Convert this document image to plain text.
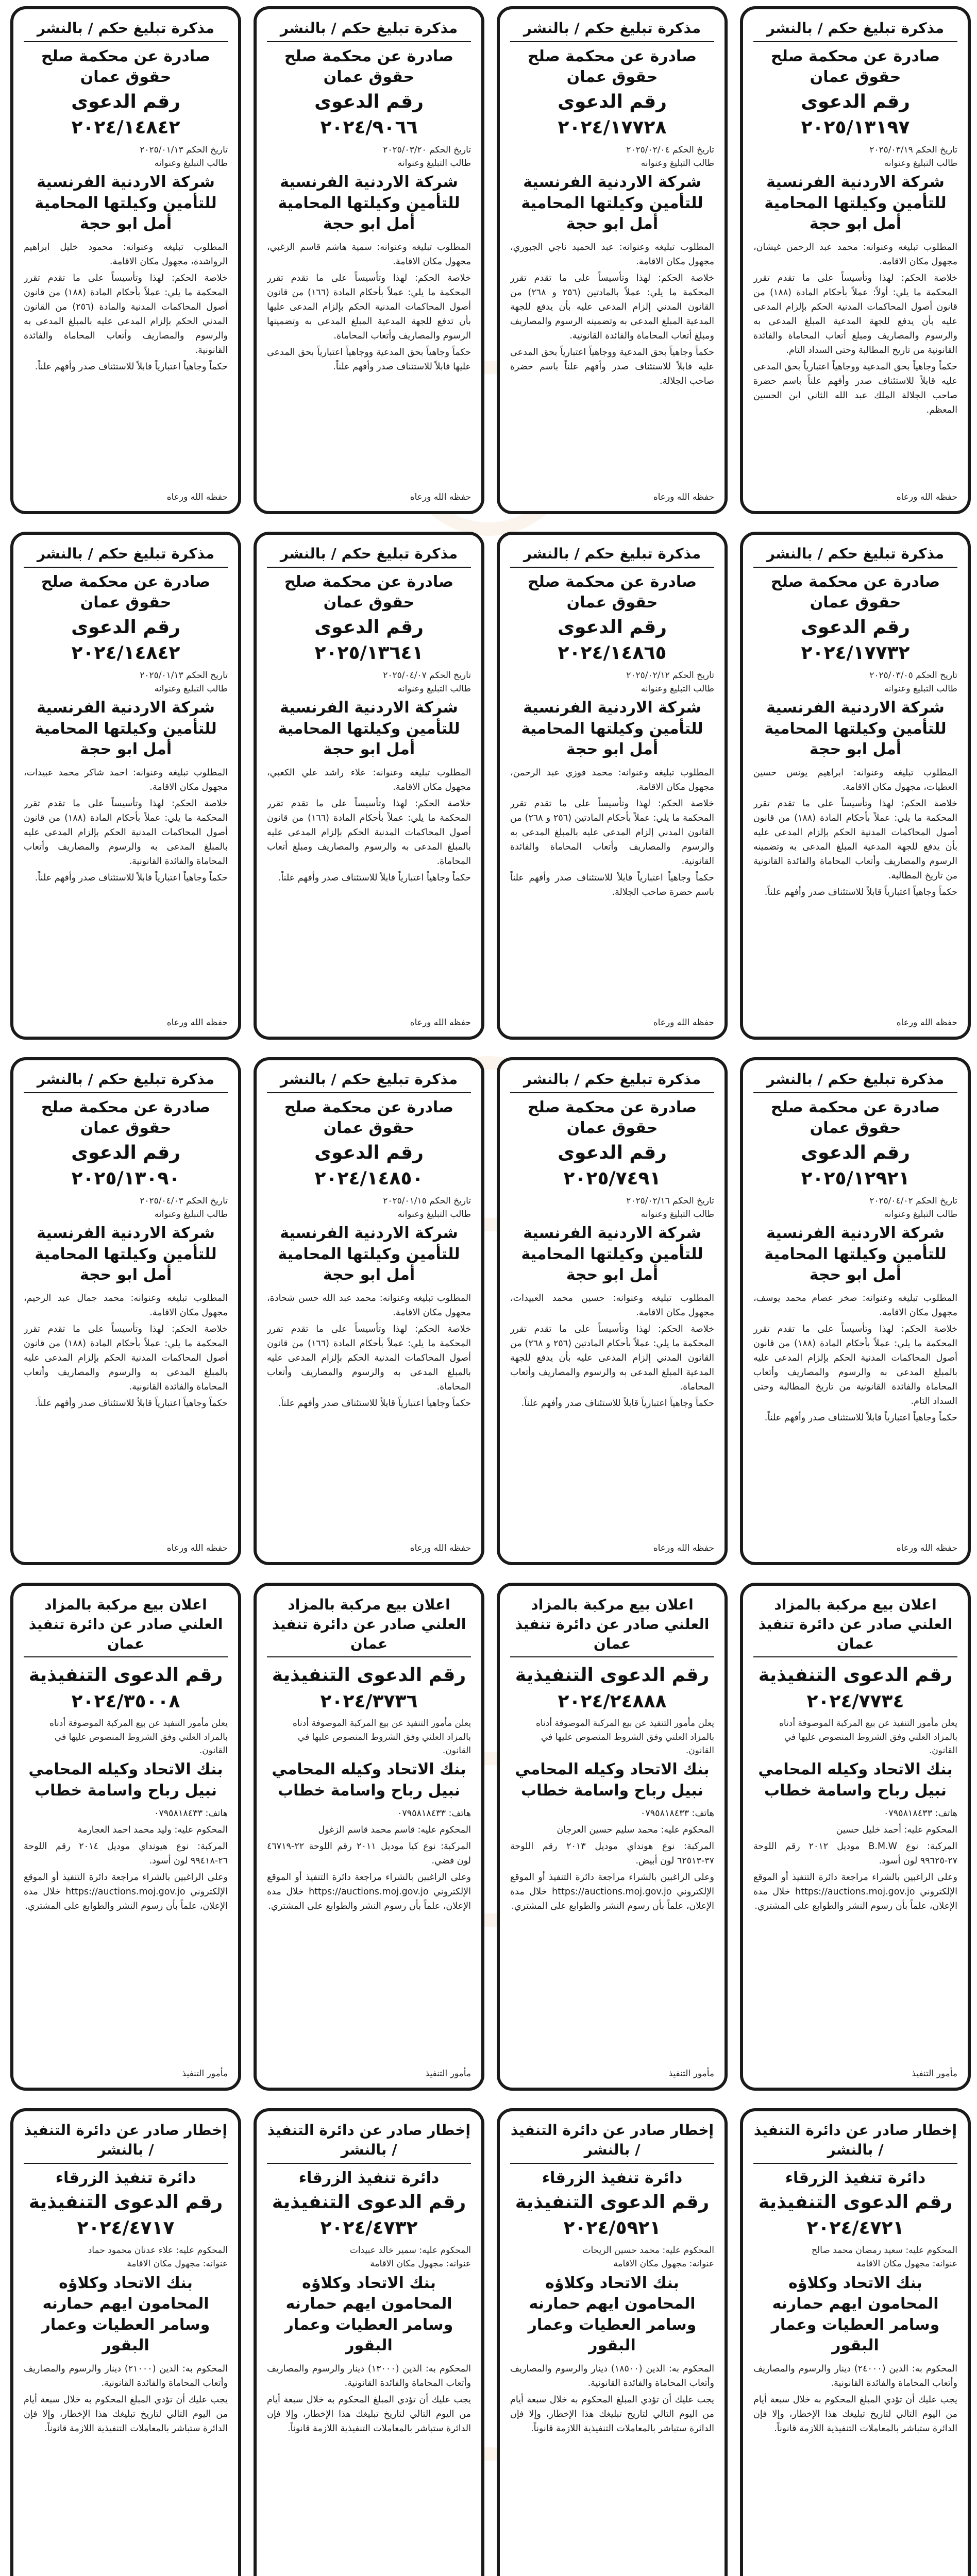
مذكرة تبليغ حكم / بالنشر
صادرة عن محكمة صلح حقوق عمان
رقم الدعوى ٢٠٢٥/١٣١٩٧
تاريخ الحكم ٢٠٢٥/٠٣/١٩
طالب التبليغ وعنوانه
شركة الاردنية الفرنسية للتأمين وكيلتها المحامية أمل ابو حجة

المطلوب تبليغه وعنوانه: محمد عبد الرحمن غيشان، مجهول مكان الاقامة.

خلاصة الحكم: لهذا وتأسيساً على ما تقدم تقرر المحكمة ما يلي: أولاً: عملاً بأحكام المادة (١٨٨) من قانون أصول المحاكمات المدنية الحكم بإلزام المدعى عليه بأن يدفع للجهة المدعية المبلغ المدعى به والرسوم والمصاريف ومبلغ أتعاب المحاماة والفائدة القانونية من تاريخ المطالبة وحتى السداد التام.

حكماً وجاهياً بحق المدعية ووجاهياً اعتبارياً بحق المدعى عليه قابلاً للاستئناف صدر وأفهم علناً باسم حضرة صاحب الجلالة الملك عبد الله الثاني ابن الحسين المعظم.

حفظه الله ورعاه
مذكرة تبليغ حكم / بالنشر
صادرة عن محكمة صلح حقوق عمان
رقم الدعوى ٢٠٢٤/١٧٧٢٨
تاريخ الحكم ٢٠٢٥/٠٢/٠٤
طالب التبليغ وعنوانه
شركة الاردنية الفرنسية للتأمين وكيلتها المحامية أمل ابو حجة

المطلوب تبليغه وعنوانه: عبد الحميد ناجي الجبوري، مجهول مكان الاقامة.

خلاصة الحكم: لهذا وتأسيساً على ما تقدم تقرر المحكمة ما يلي: عملاً بالمادتين (٢٥٦ و ٢٦٨) من القانون المدني إلزام المدعى عليه بأن يدفع للجهة المدعية المبلغ المدعى به وتضمينه الرسوم والمصاريف ومبلغ أتعاب المحاماة والفائدة القانونية.

حكماً وجاهياً بحق المدعية ووجاهياً اعتبارياً بحق المدعى عليه قابلاً للاستئناف صدر وأفهم علناً باسم حضرة صاحب الجلالة.

حفظه الله ورعاه
مذكرة تبليغ حكم / بالنشر
صادرة عن محكمة صلح حقوق عمان
رقم الدعوى ٢٠٢٤/٩٠٦٦
تاريخ الحكم ٢٠٢٥/٠٣/٢٠
طالب التبليغ وعنوانه
شركة الاردنية الفرنسية للتأمين وكيلتها المحامية أمل ابو حجة

المطلوب تبليغه وعنوانه: سمية هاشم قاسم الزغبي، مجهول مكان الاقامة.

خلاصة الحكم: لهذا وتأسيساً على ما تقدم تقرر المحكمة ما يلي: عملاً بأحكام المادة (١٦٦) من قانون أصول المحاكمات المدنية الحكم بإلزام المدعى عليها بأن تدفع للجهة المدعية المبلغ المدعى به وتضمينها الرسوم والمصاريف وأتعاب المحاماة.

حكماً وجاهياً بحق المدعية ووجاهياً اعتبارياً بحق المدعى عليها قابلاً للاستئناف صدر وأفهم علناً.

حفظه الله ورعاه
مذكرة تبليغ حكم / بالنشر
صادرة عن محكمة صلح حقوق عمان
رقم الدعوى ٢٠٢٤/١٤٨٤٢
تاريخ الحكم ٢٠٢٥/٠١/١٣
طالب التبليغ وعنوانه
شركة الاردنية الفرنسية للتأمين وكيلتها المحامية أمل ابو حجة

المطلوب تبليغه وعنوانه: محمود خليل ابراهيم الرواشدة، مجهول مكان الاقامة.

خلاصة الحكم: لهذا وتأسيساً على ما تقدم تقرر المحكمة ما يلي: عملاً بأحكام المادة (١٨٨) من قانون أصول المحاكمات المدنية والمادة (٢٥٦) من القانون المدني الحكم بإلزام المدعى عليه بالمبلغ المدعى به والرسوم والمصاريف وأتعاب المحاماة والفائدة القانونية.

حكماً وجاهياً اعتبارياً قابلاً للاستئناف صدر وأفهم علناً.

حفظه الله ورعاه
مذكرة تبليغ حكم / بالنشر
صادرة عن محكمة صلح حقوق عمان
رقم الدعوى ٢٠٢٤/١٧٧٣٢
تاريخ الحكم ٢٠٢٥/٠٣/٠٥
طالب التبليغ وعنوانه
شركة الاردنية الفرنسية للتأمين وكيلتها المحامية أمل ابو حجة

المطلوب تبليغه وعنوانه: ابراهيم يونس حسين العطيات، مجهول مكان الاقامة.

خلاصة الحكم: لهذا وتأسيساً على ما تقدم تقرر المحكمة ما يلي: عملاً بأحكام المادة (١٨٨) من قانون أصول المحاكمات المدنية الحكم بإلزام المدعى عليه بأن يدفع للجهة المدعية المبلغ المدعى به وتضمينه الرسوم والمصاريف وأتعاب المحاماة والفائدة القانونية من تاريخ المطالبة.

حكماً وجاهياً اعتبارياً قابلاً للاستئناف صدر وأفهم علناً.

حفظه الله ورعاه
مذكرة تبليغ حكم / بالنشر
صادرة عن محكمة صلح حقوق عمان
رقم الدعوى ٢٠٢٤/١٤٨٦٥
تاريخ الحكم ٢٠٢٥/٠٢/١٢
طالب التبليغ وعنوانه
شركة الاردنية الفرنسية للتأمين وكيلتها المحامية أمل ابو حجة

المطلوب تبليغه وعنوانه: محمد فوزي عبد الرحمن، مجهول مكان الاقامة.

خلاصة الحكم: لهذا وتأسيساً على ما تقدم تقرر المحكمة ما يلي: عملاً بأحكام المادتين (٢٥٦ و ٢٦٨) من القانون المدني إلزام المدعى عليه بالمبلغ المدعى به والرسوم والمصاريف وأتعاب المحاماة والفائدة القانونية.

حكماً وجاهياً اعتبارياً قابلاً للاستئناف صدر وأفهم علناً باسم حضرة صاحب الجلالة.

حفظه الله ورعاه
مذكرة تبليغ حكم / بالنشر
صادرة عن محكمة صلح حقوق عمان
رقم الدعوى ٢٠٢٥/١٣٦٤١
تاريخ الحكم ٢٠٢٥/٠٤/٠٧
طالب التبليغ وعنوانه
شركة الاردنية الفرنسية للتأمين وكيلتها المحامية أمل ابو حجة

المطلوب تبليغه وعنوانه: علاء راشد علي الكعبي، مجهول مكان الاقامة.

خلاصة الحكم: لهذا وتأسيساً على ما تقدم تقرر المحكمة ما يلي: عملاً بأحكام المادة (١٦٦) من قانون أصول المحاكمات المدنية الحكم بإلزام المدعى عليه بالمبلغ المدعى به والرسوم والمصاريف ومبلغ أتعاب المحاماة.

حكماً وجاهياً اعتبارياً قابلاً للاستئناف صدر وأفهم علناً.

حفظه الله ورعاه
مذكرة تبليغ حكم / بالنشر
صادرة عن محكمة صلح حقوق عمان
رقم الدعوى ٢٠٢٤/١٤٨٤٢
تاريخ الحكم ٢٠٢٥/٠١/١٣
طالب التبليغ وعنوانه
شركة الاردنية الفرنسية للتأمين وكيلتها المحامية أمل ابو حجة

المطلوب تبليغه وعنوانه: احمد شاكر محمد عبيدات، مجهول مكان الاقامة.

خلاصة الحكم: لهذا وتأسيساً على ما تقدم تقرر المحكمة ما يلي: عملاً بأحكام المادة (١٨٨) من قانون أصول المحاكمات المدنية الحكم بإلزام المدعى عليه بالمبلغ المدعى به والرسوم والمصاريف وأتعاب المحاماة والفائدة القانونية.

حكماً وجاهياً اعتبارياً قابلاً للاستئناف صدر وأفهم علناً.

حفظه الله ورعاه
مذكرة تبليغ حكم / بالنشر
صادرة عن محكمة صلح حقوق عمان
رقم الدعوى ٢٠٢٥/١٢٩٢١
تاريخ الحكم ٢٠٢٥/٠٤/٠٢
طالب التبليغ وعنوانه
شركة الاردنية الفرنسية للتأمين وكيلتها المحامية أمل ابو حجة

المطلوب تبليغه وعنوانه: صخر عصام محمد يوسف، مجهول مكان الاقامة.

خلاصة الحكم: لهذا وتأسيساً على ما تقدم تقرر المحكمة ما يلي: عملاً بأحكام المادة (١٨٨) من قانون أصول المحاكمات المدنية الحكم بإلزام المدعى عليه بالمبلغ المدعى به والرسوم والمصاريف وأتعاب المحاماة والفائدة القانونية من تاريخ المطالبة وحتى السداد التام.

حكماً وجاهياً اعتبارياً قابلاً للاستئناف صدر وأفهم علناً.

حفظه الله ورعاه
مذكرة تبليغ حكم / بالنشر
صادرة عن محكمة صلح حقوق عمان
رقم الدعوى ٢٠٢٥/٧٤٩١
تاريخ الحكم ٢٠٢٥/٠٢/١٦
طالب التبليغ وعنوانه
شركة الاردنية الفرنسية للتأمين وكيلتها المحامية أمل ابو حجة

المطلوب تبليغه وعنوانه: حسين محمد العبيدات، مجهول مكان الاقامة.

خلاصة الحكم: لهذا وتأسيساً على ما تقدم تقرر المحكمة ما يلي: عملاً بأحكام المادتين (٢٥٦ و ٢٦٨) من القانون المدني إلزام المدعى عليه بأن يدفع للجهة المدعية المبلغ المدعى به والرسوم والمصاريف وأتعاب المحاماة.

حكماً وجاهياً اعتبارياً قابلاً للاستئناف صدر وأفهم علناً.

حفظه الله ورعاه
مذكرة تبليغ حكم / بالنشر
صادرة عن محكمة صلح حقوق عمان
رقم الدعوى ٢٠٢٤/١٤٨٥٠
تاريخ الحكم ٢٠٢٥/٠١/١٥
طالب التبليغ وعنوانه
شركة الاردنية الفرنسية للتأمين وكيلتها المحامية أمل ابو حجة

المطلوب تبليغه وعنوانه: محمد عبد الله حسن شحادة، مجهول مكان الاقامة.

خلاصة الحكم: لهذا وتأسيساً على ما تقدم تقرر المحكمة ما يلي: عملاً بأحكام المادة (١٦٦) من قانون أصول المحاكمات المدنية الحكم بإلزام المدعى عليه بالمبلغ المدعى به والرسوم والمصاريف وأتعاب المحاماة.

حكماً وجاهياً اعتبارياً قابلاً للاستئناف صدر وأفهم علناً.

حفظه الله ورعاه
مذكرة تبليغ حكم / بالنشر
صادرة عن محكمة صلح حقوق عمان
رقم الدعوى ٢٠٢٥/١٣٠٩٠
تاريخ الحكم ٢٠٢٥/٠٤/٠٣
طالب التبليغ وعنوانه
شركة الاردنية الفرنسية للتأمين وكيلتها المحامية أمل ابو حجة

المطلوب تبليغه وعنوانه: محمد جمال عبد الرحيم، مجهول مكان الاقامة.

خلاصة الحكم: لهذا وتأسيساً على ما تقدم تقرر المحكمة ما يلي: عملاً بأحكام المادة (١٨٨) من قانون أصول المحاكمات المدنية الحكم بإلزام المدعى عليه بالمبلغ المدعى به والرسوم والمصاريف وأتعاب المحاماة والفائدة القانونية.

حكماً وجاهياً اعتبارياً قابلاً للاستئناف صدر وأفهم علناً.

حفظه الله ورعاه
اعلان بيع مركبة بالمزاد العلني صادر عن دائرة تنفيذ عمان
رقم الدعوى التنفيذية ٢٠٢٤/٧٧٣٤
يعلن مأمور التنفيذ عن بيع المركبة الموصوفة أدناه بالمزاد العلني وفق الشروط المنصوص عليها في القانون.
بنك الاتحاد وكيله المحامي نبيل رباح واسامة خطاب

هاتف: ٠٧٩٥٨١٨٤٣٣

المحكوم عليه: أحمد خليل حسين

المركبة: نوع B.M.W موديل ٢٠١٢ رقم اللوحة ٢٧-٩٩٦٢٥ لون أسود.

وعلى الراغبين بالشراء مراجعة دائرة التنفيذ أو الموقع الإلكتروني https://auctions.moj.gov.jo خلال مدة الإعلان، علماً بأن رسوم النشر والطوابع على المشتري.

مأمور التنفيذ
اعلان بيع مركبة بالمزاد العلني صادر عن دائرة تنفيذ عمان
رقم الدعوى التنفيذية ٢٠٢٤/٢٤٨٨٨
يعلن مأمور التنفيذ عن بيع المركبة الموصوفة أدناه بالمزاد العلني وفق الشروط المنصوص عليها في القانون.
بنك الاتحاد وكيله المحامي نبيل رباح واسامة خطاب

هاتف: ٠٧٩٥٨١٨٤٣٣

المحكوم عليه: محمد سليم حسين العرجان

المركبة: نوع هونداي موديل ٢٠١٣ رقم اللوحة ٣٧-٦٢٥١٣ لون أبيض.

وعلى الراغبين بالشراء مراجعة دائرة التنفيذ أو الموقع الإلكتروني https://auctions.moj.gov.jo خلال مدة الإعلان، علماً بأن رسوم النشر والطوابع على المشتري.

مأمور التنفيذ
اعلان بيع مركبة بالمزاد العلني صادر عن دائرة تنفيذ عمان
رقم الدعوى التنفيذية ٢٠٢٤/٣٧٣٦
يعلن مأمور التنفيذ عن بيع المركبة الموصوفة أدناه بالمزاد العلني وفق الشروط المنصوص عليها في القانون.
بنك الاتحاد وكيله المحامي نبيل رباح واسامة خطاب

هاتف: ٠٧٩٥٨١٨٤٣٣

المحكوم عليه: قاسم محمد قاسم الزغول

المركبة: نوع كيا موديل ٢٠١١ رقم اللوحة ٢٢-٤٦٧١٩ لون فضي.

وعلى الراغبين بالشراء مراجعة دائرة التنفيذ أو الموقع الإلكتروني https://auctions.moj.gov.jo خلال مدة الإعلان، علماً بأن رسوم النشر والطوابع على المشتري.

مأمور التنفيذ
اعلان بيع مركبة بالمزاد العلني صادر عن دائرة تنفيذ عمان
رقم الدعوى التنفيذية ٢٠٢٤/٣٥٠٠٨
يعلن مأمور التنفيذ عن بيع المركبة الموصوفة أدناه بالمزاد العلني وفق الشروط المنصوص عليها في القانون.
بنك الاتحاد وكيله المحامي نبيل رباح واسامة خطاب

هاتف: ٠٧٩٥٨١٨٤٣٣

المحكوم عليه: وليد محمد احمد العجارمة

المركبة: نوع هيونداي موديل ٢٠١٤ رقم اللوحة ٢٦-٩٩٤١٨ لون أسود.

وعلى الراغبين بالشراء مراجعة دائرة التنفيذ أو الموقع الإلكتروني https://auctions.moj.gov.jo خلال مدة الإعلان، علماً بأن رسوم النشر والطوابع على المشتري.

مأمور التنفيذ
إخطار صادر عن دائرة التنفيذ / بالنشر
دائرة تنفيذ الزرقاء
رقم الدعوى التنفيذية ٢٠٢٤/٤٧٢١
المحكوم عليه: سعيد رمضان محمد صالح
عنوانه: مجهول مكان الاقامة
بنك الاتحاد وكلاؤه المحامون ايهم حمارنه وسامر العطيات وعمار البقور

المحكوم به: الدين (٢٤٠٠٠) دينار والرسوم والمصاريف وأتعاب المحاماة والفائدة القانونية.

يجب عليك أن تؤدي المبلغ المحكوم به خلال سبعة أيام من اليوم التالي لتاريخ تبليغك هذا الإخطار، وإلا فإن الدائرة ستباشر بالمعاملات التنفيذية اللازمة قانوناً.

إخطار صادر عن دائرة التنفيذ / بالنشر
دائرة تنفيذ الزرقاء
رقم الدعوى التنفيذية ٢٠٢٤/٥٩٢١
المحكوم عليه: محمد حسين الريحات
عنوانه: مجهول مكان الاقامة
بنك الاتحاد وكلاؤه المحامون ايهم حمارنه وسامر العطيات وعمار البقور

المحكوم به: الدين (١٨٥٠٠) دينار والرسوم والمصاريف وأتعاب المحاماة والفائدة القانونية.

يجب عليك أن تؤدي المبلغ المحكوم به خلال سبعة أيام من اليوم التالي لتاريخ تبليغك هذا الإخطار، وإلا فإن الدائرة ستباشر بالمعاملات التنفيذية اللازمة قانوناً.

إخطار صادر عن دائرة التنفيذ / بالنشر
دائرة تنفيذ الزرقاء
رقم الدعوى التنفيذية ٢٠٢٤/٤٧٣٢
المحكوم عليه: سمير خالد عبيدات
عنوانه: مجهول مكان الاقامة
بنك الاتحاد وكلاؤه المحامون ايهم حمارنه وسامر العطيات وعمار البقور

المحكوم به: الدين (١٣٠٠٠) دينار والرسوم والمصاريف وأتعاب المحاماة والفائدة القانونية.

يجب عليك أن تؤدي المبلغ المحكوم به خلال سبعة أيام من اليوم التالي لتاريخ تبليغك هذا الإخطار، وإلا فإن الدائرة ستباشر بالمعاملات التنفيذية اللازمة قانوناً.

إخطار صادر عن دائرة التنفيذ / بالنشر
دائرة تنفيذ الزرقاء
رقم الدعوى التنفيذية ٢٠٢٤/٤٧١٧
المحكوم عليه: علاء عدنان محمود حماد
عنوانه: مجهول مكان الاقامة
بنك الاتحاد وكلاؤه المحامون ايهم حمارنه وسامر العطيات وعمار البقور

المحكوم به: الدين (٢١٠٠٠) دينار والرسوم والمصاريف وأتعاب المحاماة والفائدة القانونية.

يجب عليك أن تؤدي المبلغ المحكوم به خلال سبعة أيام من اليوم التالي لتاريخ تبليغك هذا الإخطار، وإلا فإن الدائرة ستباشر بالمعاملات التنفيذية اللازمة قانوناً.
